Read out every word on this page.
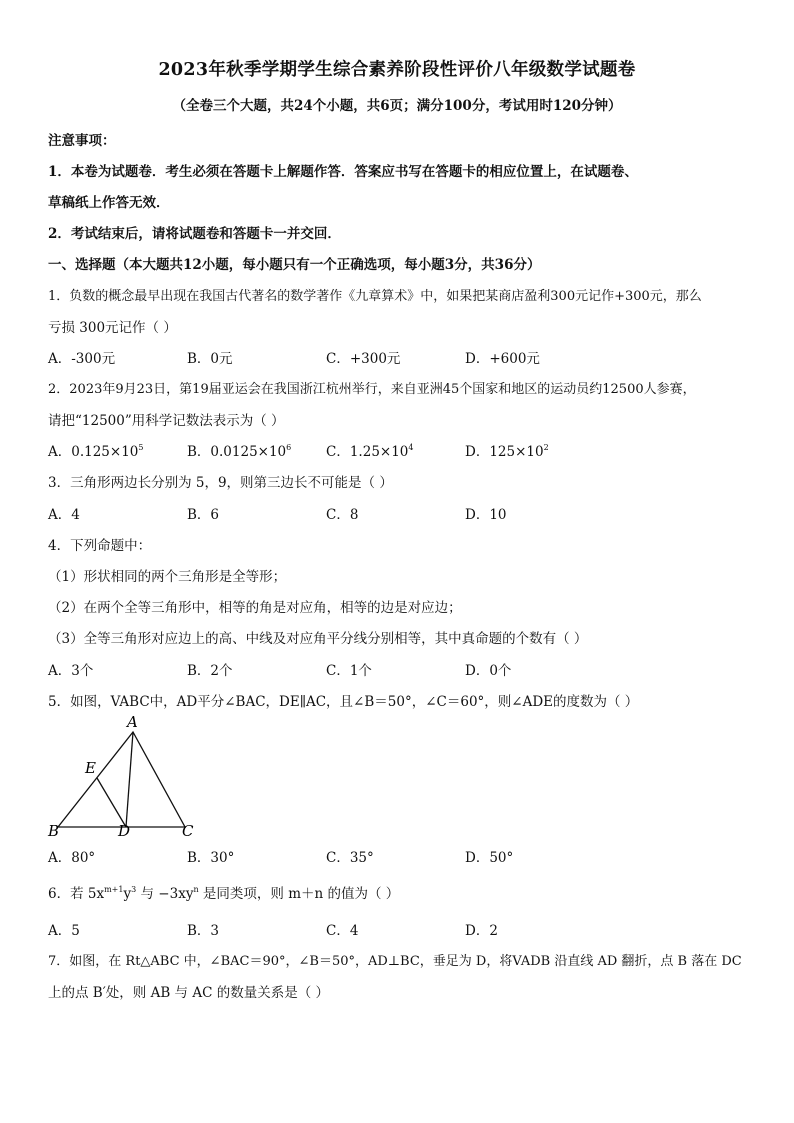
2023年秋季学期学生综合素养阶段性评价八年级数学试题卷
（全卷三个大题，共24个小题，共6页；满分100分，考试用时120分钟）
注意事项：
1．本卷为试题卷．考生必须在答题卡上解题作答．答案应书写在答题卡的相应位置上，在试题卷、
草稿纸上作答无效．
2．考试结束后，请将试题卷和答题卡一并交回．
一、选择题（本大题共12小题，每小题只有一个正确选项，每小题3分，共36分）
1．负数的概念最早出现在我国古代著名的数学著作《九章算术》中，如果把某商店盈利300元记作+300元，那么
亏损 300元记作（ ）
A．-300元	B．0元	C．+300元	D．+600元
2．2023年9月23日，第19届亚运会在我国浙江杭州举行，来自亚洲45个国家和地区的运动员约12500人参赛，
请把“12500”用科学记数法表示为（ ）
A．$0.125\times 10^5$	B．$0.0125\times 10^6$	C．$1.25\times 10^4$	D．$125\times 10^2$
3．三角形两边长分别为 5，9，则第三边长不可能是（ ）
A．4	B．6	C．8	D．10
4．下列命题中：
（1）形状相同的两个三角形是全等形；
（2）在两个全等三角形中，相等的角是对应角，相等的边是对应边；
（3）全等三角形对应边上的高、中线及对应角平分线分别相等，其中真命题的个数有（ ）
A．3个	B．2个	C．1个	D．0个
5．如图，VABC中，AD平分∠BAC，DE∥AC，且∠B＝50°，∠C＝60°，则∠ADE的度数为（ ）
A
E
B	D	C
A．80°	B．30°	C．35°	D．50°
6．若 $5x^{m+1}y^3$ 与 $-3xy^n$ 是同类项，则 m＋n 的值为（ ）
A．5	B．3	C．4	D．2
7．如图，在 Rt△ABC 中，∠BAC＝90°，∠B＝50°，AD⊥BC，垂足为 D，将VADB 沿直线 AD 翻折，点 B 落在 DC
上的点 B′处，则 AB 与 AC 的数量关系是（ ）
